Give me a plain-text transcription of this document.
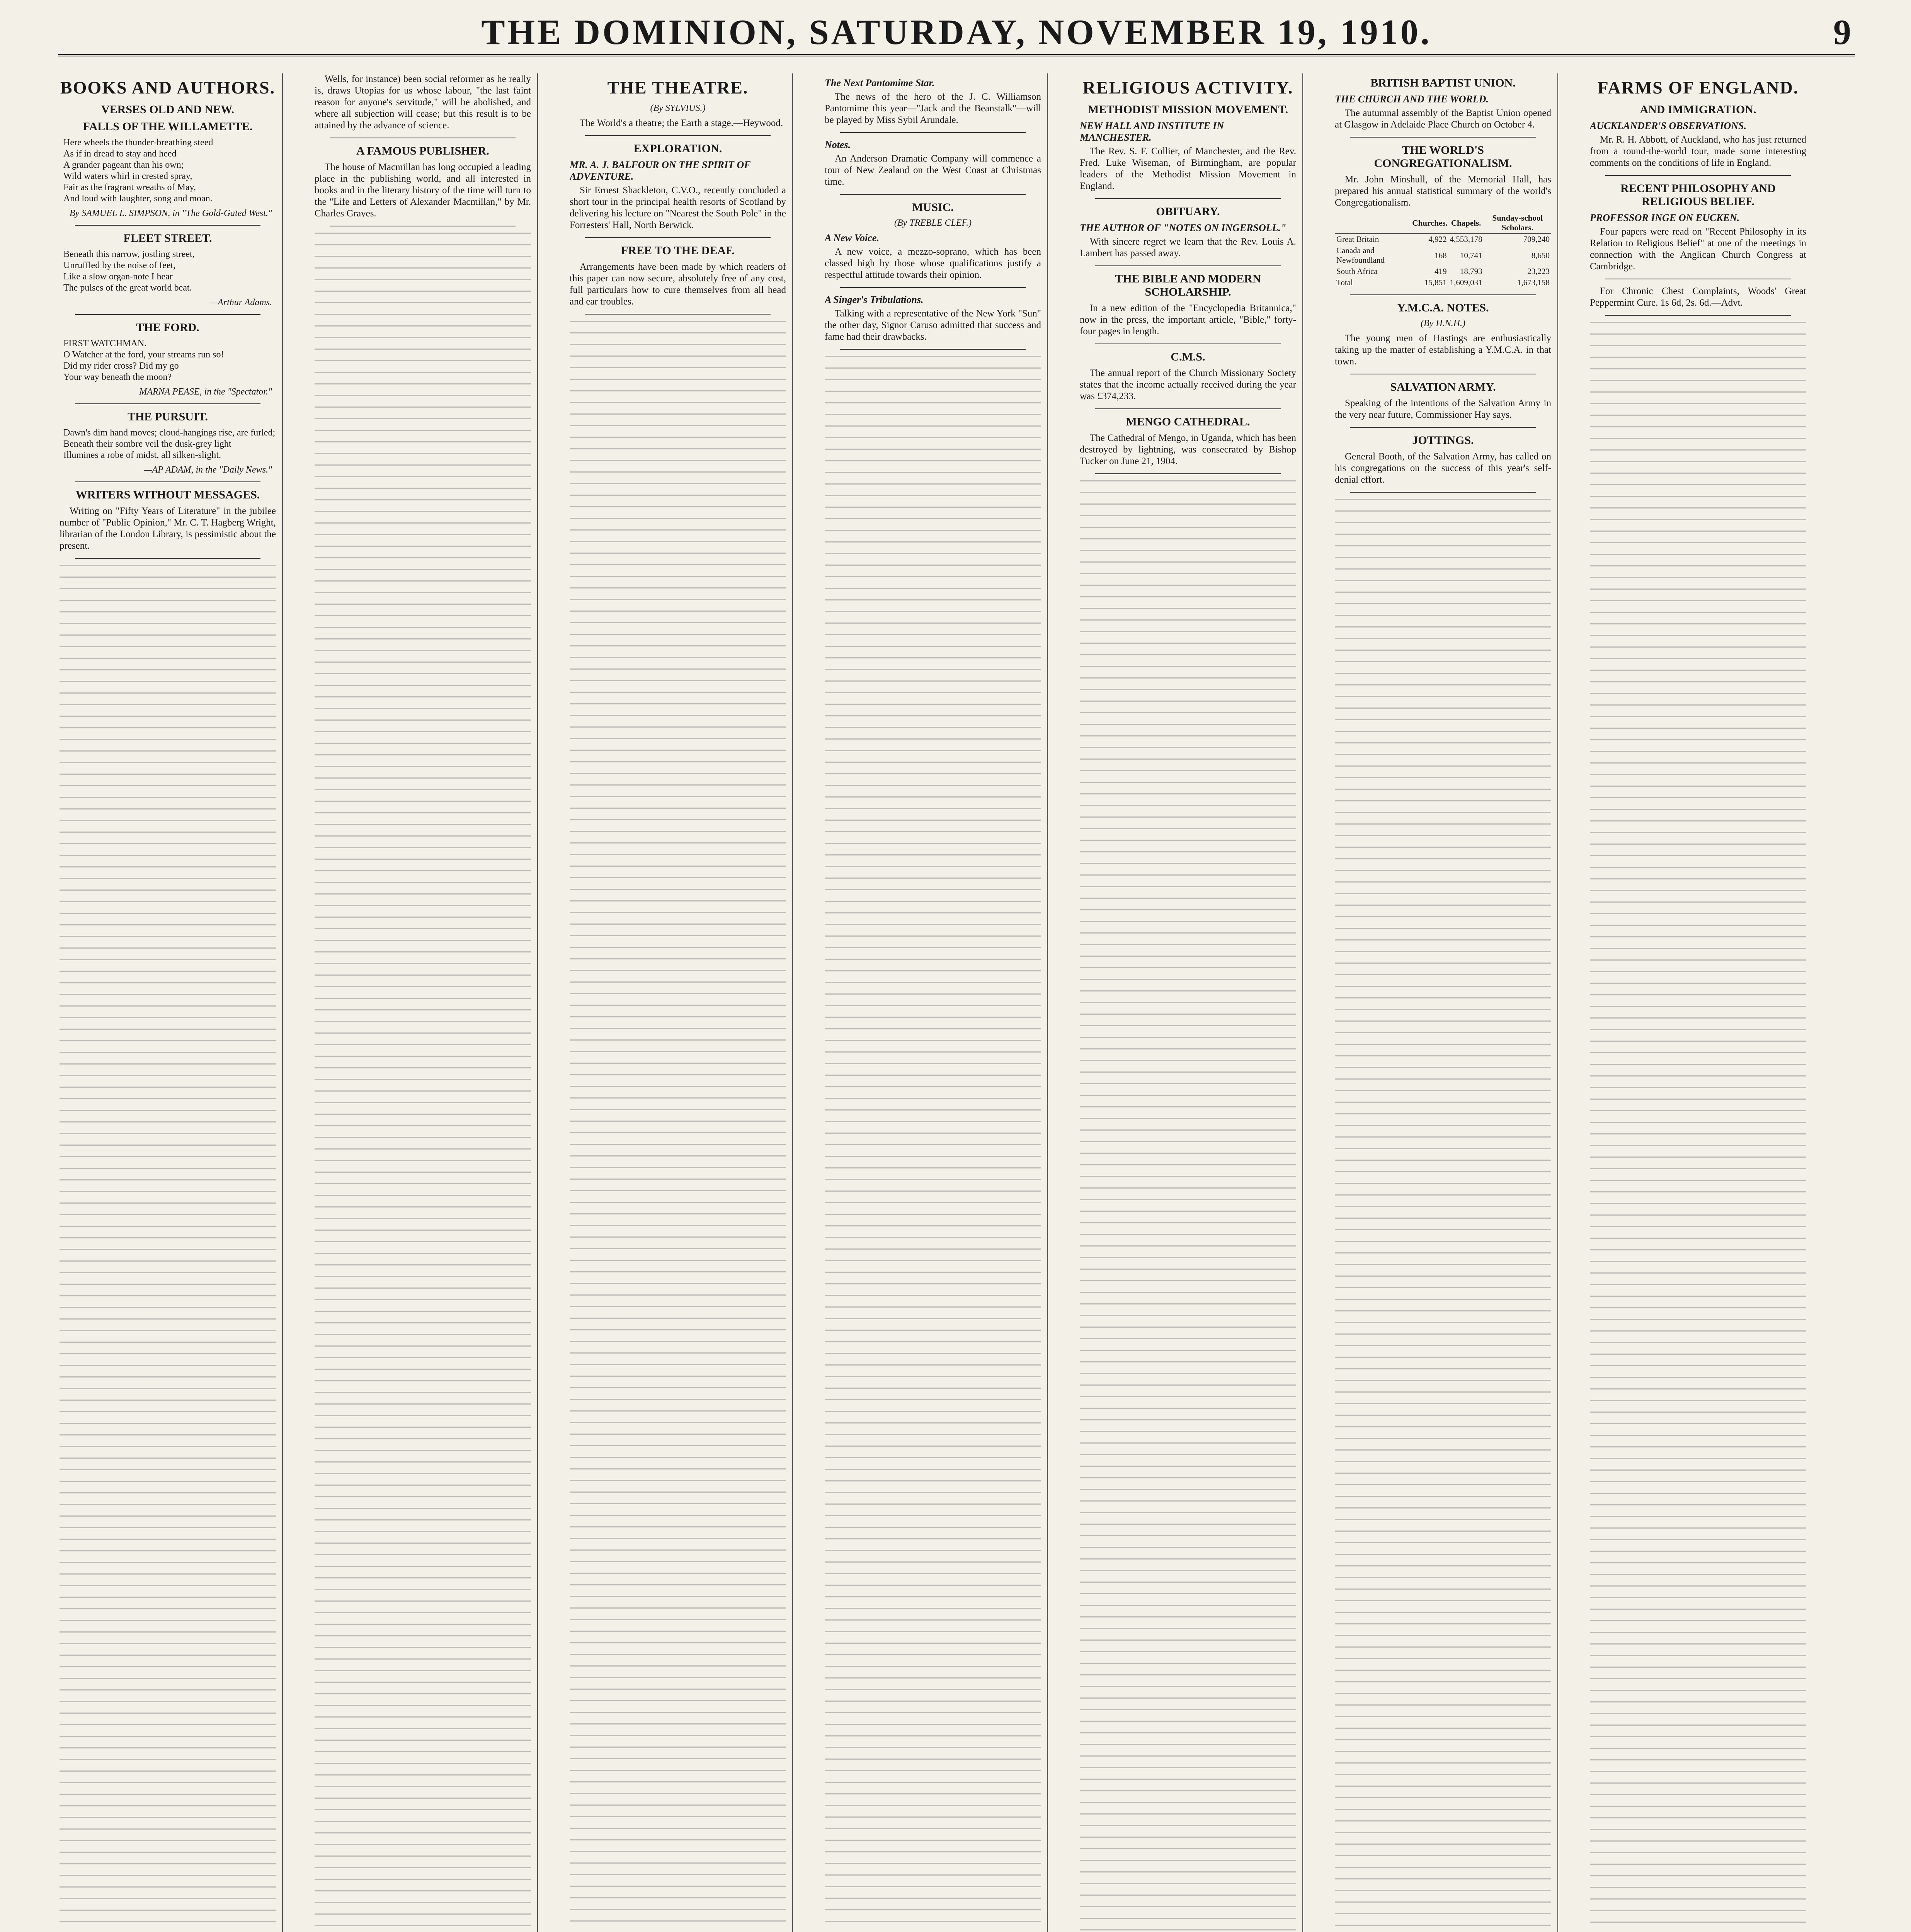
THE DOMINION, SATURDAY, NOVEMBER 19, 1910.	9
BOOKS AND AUTHORS.
VERSES OLD AND NEW.
FALLS OF THE WILLAMETTE.
Here wheels the thunder-breathing steed
As if in dread to stay and heed
A grander pageant than his own;
Wild waters whirl in crested spray,
Fair as the fragrant wreaths of May,
And loud with laughter, song and moan.
By SAMUEL L. SIMPSON, in "The Gold-Gated West."
FLEET STREET.
Beneath this narrow, jostling street,
Unruffled by the noise of feet,
Like a slow organ-note I hear
The pulses of the great world beat.
—Arthur Adams.
THE FORD.
FIRST WATCHMAN.
O Watcher at the ford, your streams run so!
Did my rider cross? Did my go
Your way beneath the moon?
MARNA PEASE, in the "Spectator."
THE PURSUIT.
Dawn's dim hand moves; cloud-hangings rise, are furled;
Beneath their sombre veil the dusk-grey light
Illumines a robe of midst, all silken-slight.
—AP ADAM, in the "Daily News."
WRITERS WITHOUT MESSAGES.

Writing on "Fifty Years of Literature" in the jubilee number of "Public Opinion," Mr. C. T. Hagberg Wright, librarian of the London Library, is pessimistic about the present.

Wells, for instance) been social reformer as he really is, draws Utopias for us whose labour, "the last faint reason for anyone's servitude," will be abolished, and where all subjection will cease; but this result is to be attained by the advance of science.

A FAMOUS PUBLISHER.

The house of Macmillan has long occupied a leading place in the publishing world, and all interested in books and in the literary history of the time will turn to the "Life and Letters of Alexander Macmillan," by Mr. Charles Graves.

THE THEATRE.
(By SYLVIUS.)

The World's a theatre; the Earth a stage.—Heywood.

EXPLORATION.
MR. A. J. BALFOUR ON THE SPIRIT OF ADVENTURE.

Sir Ernest Shackleton, C.V.O., recently concluded a short tour in the principal health resorts of Scotland by delivering his lecture on "Nearest the South Pole" in the Forresters' Hall, North Berwick.

FREE TO THE DEAF.

Arrangements have been made by which readers of this paper can now secure, absolutely free of any cost, full particulars how to cure themselves from all head and ear troubles.

The Next Pantomime Star.

The news of the hero of the J. C. Williamson Pantomime this year—"Jack and the Beanstalk"—will be played by Miss Sybil Arundale.

Notes.

An Anderson Dramatic Company will commence a tour of New Zealand on the West Coast at Christmas time.

MUSIC.
(By TREBLE CLEF.)
A New Voice.

A new voice, a mezzo-soprano, which has been classed high by those whose qualifications justify a respectful attitude towards their opinion.

A Singer's Tribulations.

Talking with a representative of the New York "Sun" the other day, Signor Caruso admitted that success and fame had their drawbacks.

RELIGIOUS ACTIVITY.
METHODIST MISSION MOVEMENT.
NEW HALL AND INSTITUTE IN MANCHESTER.

The Rev. S. F. Collier, of Manchester, and the Rev. Fred. Luke Wiseman, of Birmingham, are popular leaders of the Methodist Mission Movement in England.

OBITUARY.
THE AUTHOR OF "NOTES ON INGERSOLL."

With sincere regret we learn that the Rev. Louis A. Lambert has passed away.

THE BIBLE AND MODERN SCHOLARSHIP.

In a new edition of the "Encyclopedia Britannica," now in the press, the important article, "Bible," forty-four pages in length.

C.M.S.

The annual report of the Church Missionary Society states that the income actually received during the year was £374,233.

MENGO CATHEDRAL.

The Cathedral of Mengo, in Uganda, which has been destroyed by lightning, was consecrated by Bishop Tucker on June 21, 1904.

BRITISH BAPTIST UNION.
THE CHURCH AND THE WORLD.

The autumnal assembly of the Baptist Union opened at Glasgow in Adelaide Place Church on October 4.

THE WORLD'S CONGREGATIONALISM.

Mr. John Minshull, of the Memorial Hall, has prepared his annual statistical summary of the world's Congregationalism.

	Churches.	Chapels.	Sunday-school Scholars.
Great Britain	4,922	4,553,178	709,240
Canada and Newfoundland	168	10,741	8,650
South Africa	419	18,793	23,223
Total	15,851	1,609,031	1,673,158
Y.M.C.A. NOTES.
(By H.N.H.)

The young men of Hastings are enthusiastically taking up the matter of establishing a Y.M.C.A. in that town.

SALVATION ARMY.

Speaking of the intentions of the Salvation Army in the very near future, Commissioner Hay says.

JOTTINGS.

General Booth, of the Salvation Army, has called on his congregations on the success of this year's self-denial effort.

FARMS OF ENGLAND.
AND IMMIGRATION.
AUCKLANDER'S OBSERVATIONS.

Mr. R. H. Abbott, of Auckland, who has just returned from a round-the-world tour, made some interesting comments on the conditions of life in England.

RECENT PHILOSOPHY AND RELIGIOUS BELIEF.
PROFESSOR INGE ON EUCKEN.

Four papers were read on "Recent Philosophy in its Relation to Religious Belief" at one of the meetings in connection with the Anglican Church Congress at Cambridge.

For Chronic Chest Complaints, Woods' Great Peppermint Cure. 1s 6d, 2s. 6d.—Advt.
